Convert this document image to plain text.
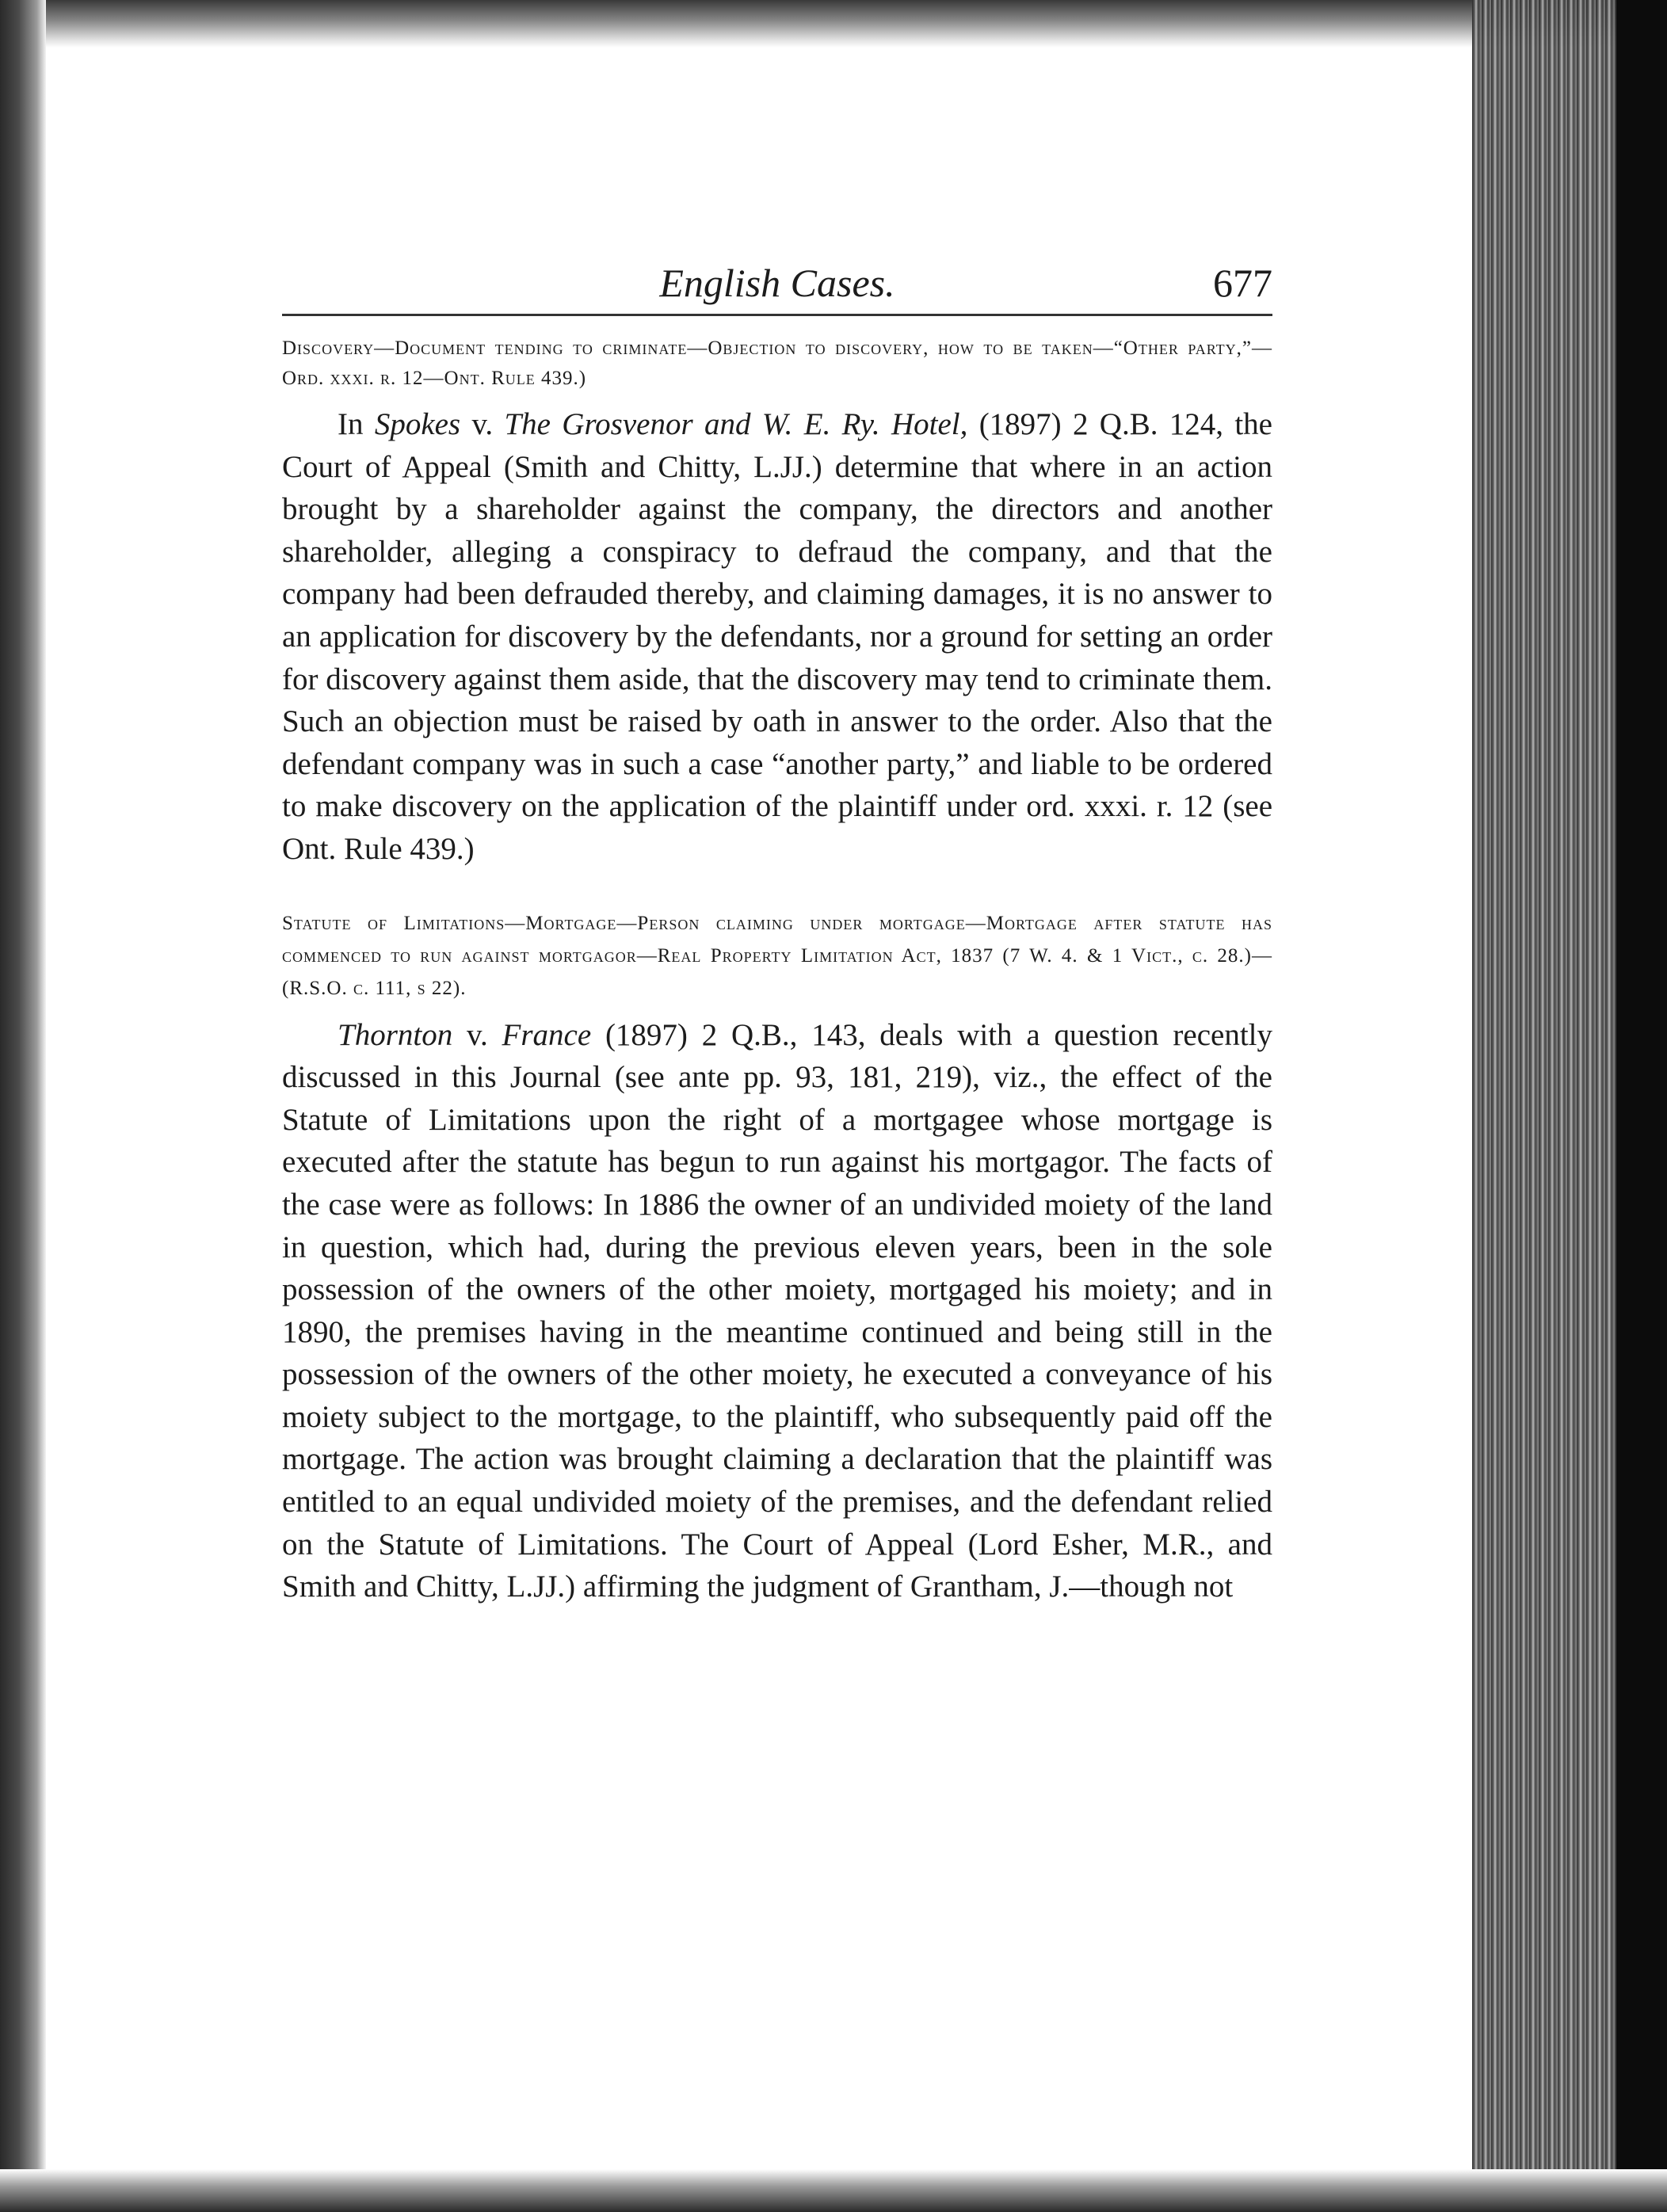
English Cases.	677
Discovery—Document tending to criminate—Objection to discovery, how to be taken—“Other party,”—Ord. xxxi. r. 12—Ont. Rule 439.)

In Spokes v. The Grosvenor and W. E. Ry. Hotel, (1897) 2 Q.B. 124, the Court of Appeal (Smith and Chitty, L.JJ.) determine that where in an action brought by a shareholder against the company, the directors and another shareholder, alleging a conspiracy to defraud the company, and that the company had been defrauded thereby, and claiming damages, it is no answer to an application for discovery by the defendants, nor a ground for setting an order for discovery against them aside, that the discovery may tend to criminate them. Such an objection must be raised by oath in answer to the order. Also that the defendant company was in such a case “another party,” and liable to be ordered to make discovery on the application of the plaintiff under ord. xxxi. r. 12 (see Ont. Rule 439.)

Statute of Limitations—Mortgage—Person claiming under mortgage—Mortgage after statute has commenced to run against mortgagor—Real Property Limitation Act, 1837 (7 W. 4. & 1 Vict., c. 28.)—(R.S.O. c. 111, s 22).

Thornton v. France (1897) 2 Q.B., 143, deals with a question recently discussed in this Journal (see ante pp. 93, 181, 219), viz., the effect of the Statute of Limitations upon the right of a mortgagee whose mortgage is executed after the statute has begun to run against his mortgagor. The facts of the case were as follows: In 1886 the owner of an undivided moiety of the land in question, which had, during the previous eleven years, been in the sole possession of the owners of the other moiety, mortgaged his moiety; and in 1890, the premises having in the meantime continued and being still in the possession of the owners of the other moiety, he executed a conveyance of his moiety subject to the mortgage, to the plaintiff, who subsequently paid off the mortgage. The action was brought claiming a declaration that the plaintiff was entitled to an equal undivided moiety of the premises, and the defendant relied on the Statute of Limitations. The Court of Appeal (Lord Esher, M.R., and Smith and Chitty, L.JJ.) affirming the judgment of Grantham, J.—though not
